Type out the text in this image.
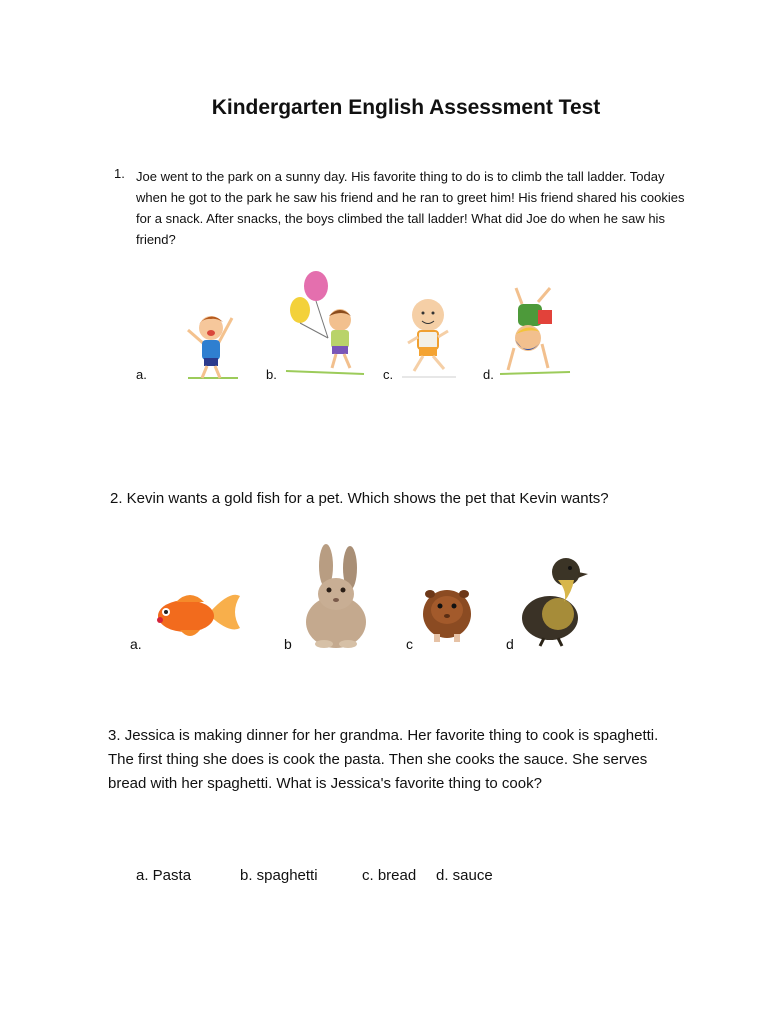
Kindergarten English Assessment Test
1. Joe went to the park on a sunny day. His favorite thing to do is to climb the tall ladder. Today when he got to the park he saw his friend and he ran to greet him! His friend shared his cookies for a snack. After snacks, the boys climbed the tall ladder! What did Joe do when he saw his friend?
a.	b.	c.	d.
2. Kevin wants a gold fish for a pet. Which shows the pet that Kevin wants?
a.	b	c	d
3. Jessica is making dinner for her grandma. Her favorite thing to cook is spaghetti. The first thing she does is cook the pasta. Then she cooks the sauce. She serves bread with her spaghetti. What is Jessica's favorite thing to cook?
a. Pasta	b. spaghetti	c. bread d. sauce
